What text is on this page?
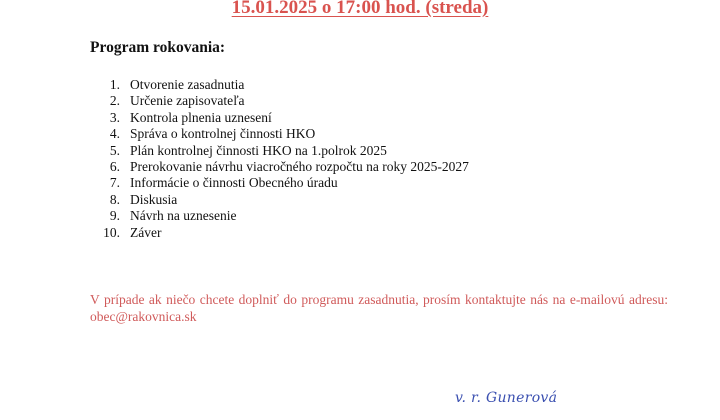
15.01.2025 o 17:00 hod. (streda)
Program rokovania:
1. Otvorenie zasadnutia
2. Určenie zapisovateľa
3. Kontrola plnenia uznesení
4. Správa o kontrolnej činnosti HKO
5. Plán kontrolnej činnosti HKO na 1.polrok 2025
6. Prerokovanie návrhu viacročného rozpočtu na roky 2025-2027
7. Informácie o činnosti Obecného úradu
8. Diskusia
9. Návrh na uznesenie
10. Záver
V prípade ak niečo chcete doplniť do programu zasadnutia, prosím kontaktujte nás na e-mailovú adresu: obec@rakovnica.sk
v. r. Gunerová
